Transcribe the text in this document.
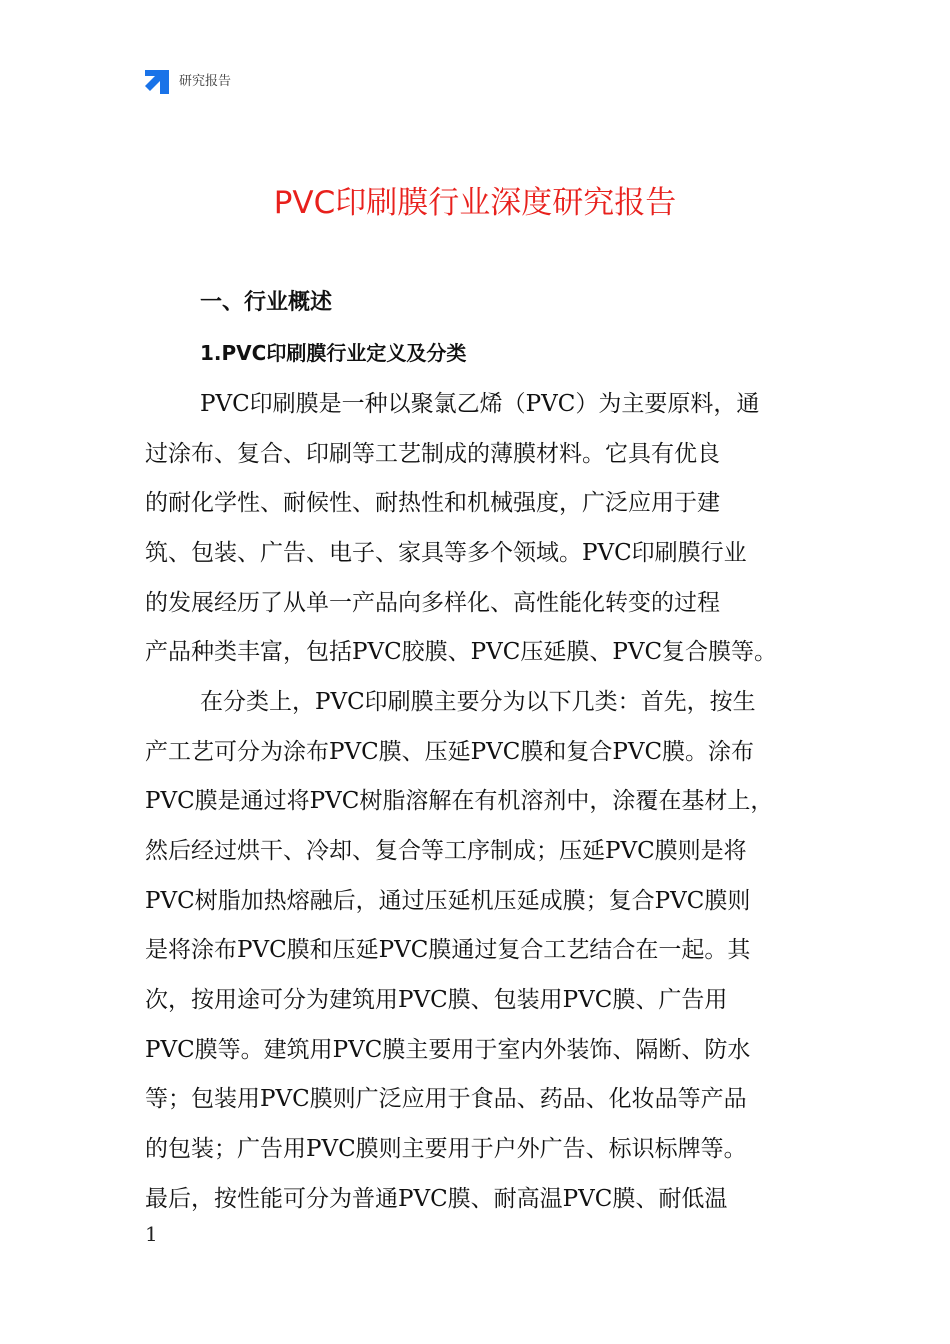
研究报告
PVC印刷膜行业深度研究报告
一、行业概述
1.PVC印刷膜行业定义及分类

PVC印刷膜是一种以聚氯乙烯（PVC）为主要原料，通

过涂布、复合、印刷等工艺制成的薄膜材料。它具有优良

的耐化学性、耐候性、耐热性和机械强度，广泛应用于建

筑、包装、广告、电子、家具等多个领域。PVC印刷膜行业

的发展经历了从单一产品向多样化、高性能化转变的过程

产品种类丰富，包括PVC胶膜、PVC压延膜、PVC复合膜等。

在分类上，PVC印刷膜主要分为以下几类：首先，按生

产工艺可分为涂布PVC膜、压延PVC膜和复合PVC膜。涂布

PVC膜是通过将PVC树脂溶解在有机溶剂中，涂覆在基材上，

然后经过烘干、冷却、复合等工序制成；压延PVC膜则是将

PVC树脂加热熔融后，通过压延机压延成膜；复合PVC膜则

是将涂布PVC膜和压延PVC膜通过复合工艺结合在一起。其

次，按用途可分为建筑用PVC膜、包装用PVC膜、广告用

PVC膜等。建筑用PVC膜主要用于室内外装饰、隔断、防水

等；包装用PVC膜则广泛应用于食品、药品、化妆品等产品

的包装；广告用PVC膜则主要用于户外广告、标识标牌等。

最后，按性能可分为普通PVC膜、耐高温PVC膜、耐低温

1
